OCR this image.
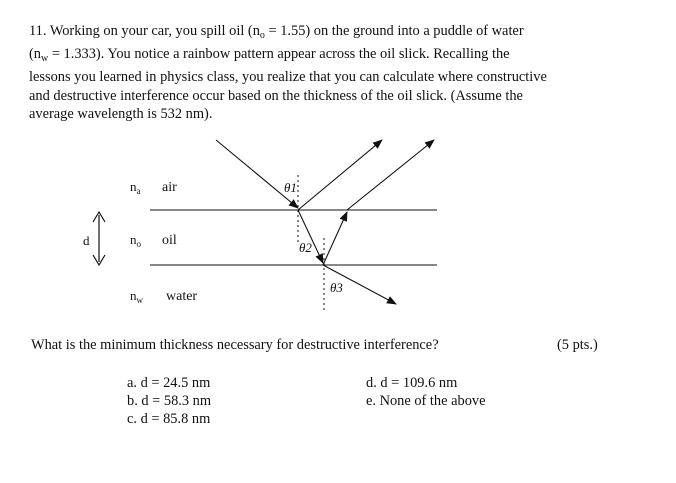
11. Working on your car, you spill oil $(n_o = 1.55)$ on the ground into a puddle of water
$(n_w = 1.333)$. You notice a rainbow pattern appear across the oil slick. Recalling the
lessons you learned in physics class, you realize that you can calculate where constructive
and destructive interference occur based on the thickness of the oil slick. (Assume the
average wavelength is 532 nm).
d
$n_a$ air
$n_o$ oil
$n_w$ water
θ1
θ2
θ3
What is the minimum thickness necessary for destructive interference?	(5 pts.)
a. d = 24.5 nm
b. d = 58.3 nm
c. d = 85.8 nm
d. d = 109.6 nm
e. None of the above
